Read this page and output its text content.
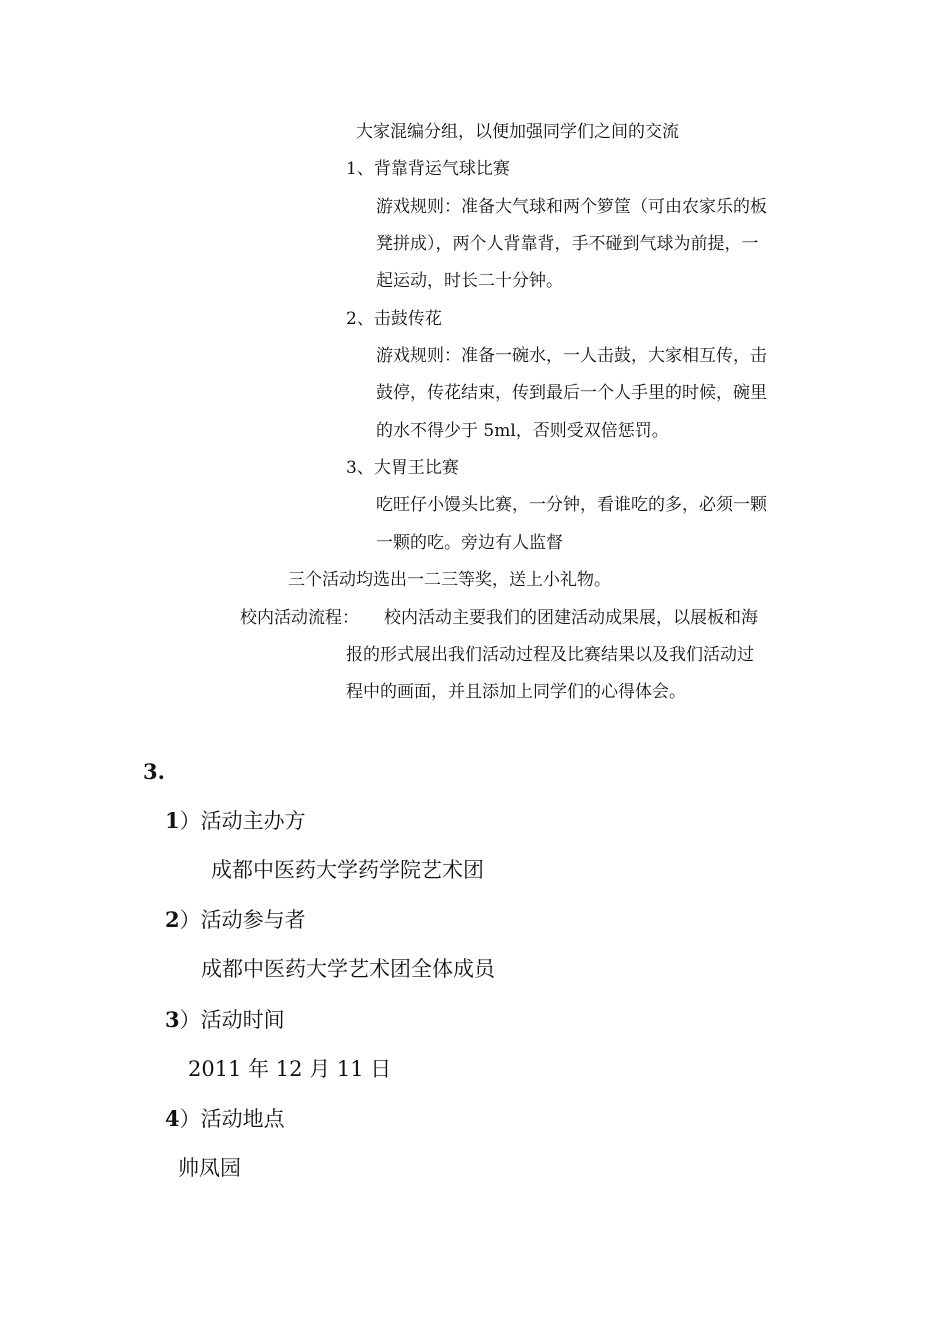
大家混编分组，以便加强同学们之间的交流

1、背靠背运气球比赛

游戏规则：准备大气球和两个箩筐（可由农家乐的板

凳拼成），两个人背靠背，手不碰到气球为前提，一

起运动，时长二十分钟。

2、击鼓传花

游戏规则：准备一碗水，一人击鼓，大家相互传，击

鼓停，传花结束，传到最后一个人手里的时候，碗里

的水不得少于 5ml，否则受双倍惩罚。

3、大胃王比赛

吃旺仔小馒头比赛，一分钟，看谁吃的多，必须一颗

一颗的吃。旁边有人监督

三个活动均选出一二三等奖，送上小礼物。

校内活动流程： 校内活动主要我们的团建活动成果展，以展板和海

报的形式展出我们活动过程及比赛结果以及我们活动过

程中的画面，并且添加上同学们的心得体会。

3.

1）活动主办方

成都中医药大学药学院艺术团

2）活动参与者

成都中医药大学艺术团全体成员

3）活动时间

2011 年 12 月 11 日

4）活动地点

帅凤园
